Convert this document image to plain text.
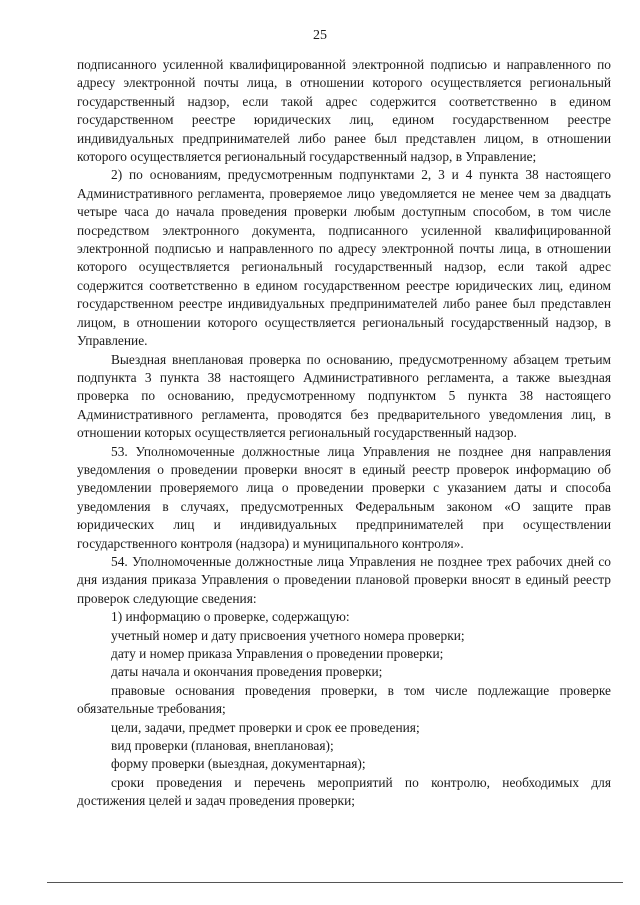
25

подписанного усиленной квалифицированной электронной подписью и направленного по адресу электронной почты лица, в отношении которого осуществляется региональный государственный надзор, если такой адрес содержится соответственно в едином государственном реестре юридических лиц, едином государственном реестре индивидуальных предпринимателей либо ранее был представлен лицом, в отношении которого осуществляется региональный государственный надзор, в Управление;

2) по основаниям, предусмотренным подпунктами 2, 3 и 4 пункта 38 настоящего Административного регламента, проверяемое лицо уведомляется не менее чем за двадцать четыре часа до начала проведения проверки любым доступным способом, в том числе посредством электронного документа, подписанного усиленной квалифицированной электронной подписью и направленного по адресу электронной почты лица, в отношении которого осуществляется региональный государственный надзор, если такой адрес содержится соответственно в едином государственном реестре юридических лиц, едином государственном реестре индивидуальных предпринимателей либо ранее был представлен лицом, в отношении которого осуществляется региональный государственный надзор, в Управление.

Выездная внеплановая проверка по основанию, предусмотренному абзацем третьим подпункта 3 пункта 38 настоящего Административного регламента, а также выездная проверка по основанию, предусмотренному подпунктом 5 пункта 38 настоящего Административного регламента, проводятся без предварительного уведомления лиц, в отношении которых осуществляется региональный государственный надзор.

53. Уполномоченные должностные лица Управления не позднее дня направления уведомления о проведении проверки вносят в единый реестр проверок информацию об уведомлении проверяемого лица о проведении проверки с указанием даты и способа уведомления в случаях, предусмотренных Федеральным законом «О защите прав юридических лиц и индивидуальных предпринимателей при осуществлении государственного контроля (надзора) и муниципального контроля».

54. Уполномоченные должностные лица Управления не позднее трех рабочих дней со дня издания приказа Управления о проведении плановой проверки вносят в единый реестр проверок следующие сведения:

1) информацию о проверке, содержащую:

учетный номер и дату присвоения учетного номера проверки;

дату и номер приказа Управления о проведении проверки;

даты начала и окончания проведения проверки;

правовые основания проведения проверки, в том числе подлежащие проверке обязательные требования;

цели, задачи, предмет проверки и срок ее проведения;

вид проверки (плановая, внеплановая);

форму проверки (выездная, документарная);

сроки проведения и перечень мероприятий по контролю, необходимых для достижения целей и задач проведения проверки;
